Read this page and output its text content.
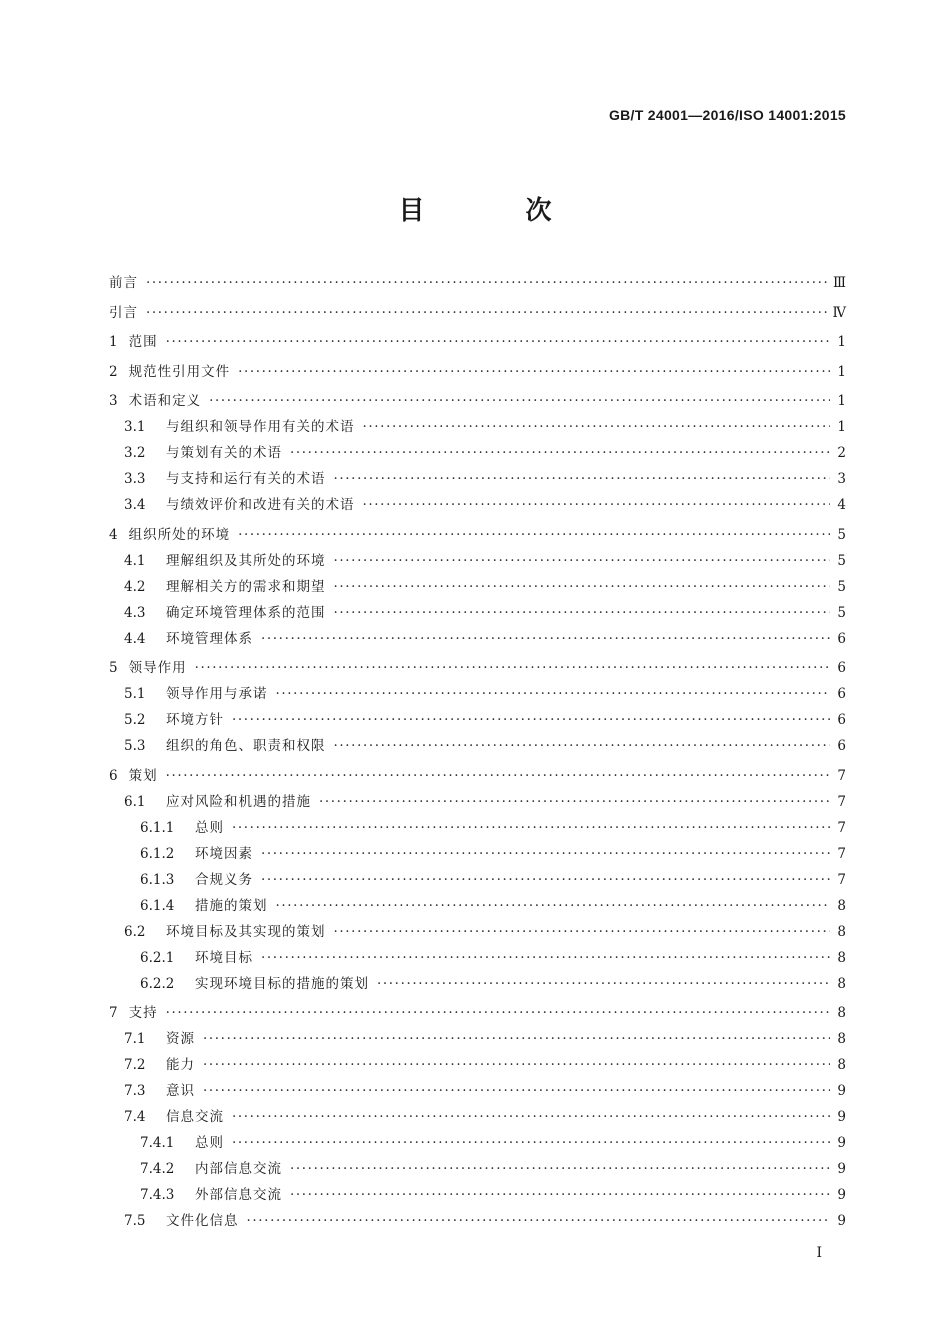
GB/T 24001—2016/ISO 14001:2015
目 次
前言 ·····	Ⅲ
引言 ·····	Ⅳ
1 范围 ·····	1
2 规范性引用文件 ·····	1
3 术语和定义 ·····	1
3.1	与组织和领导作用有关的术语 ·····	1
3.2	与策划有关的术语 ·····	2
3.3	与支持和运行有关的术语 ·····	3
3.4	与绩效评价和改进有关的术语 ·····	4
4 组织所处的环境 ·····	5
4.1	理解组织及其所处的环境 ·····	5
4.2	理解相关方的需求和期望 ·····	5
4.3	确定环境管理体系的范围 ·····	5
4.4	环境管理体系 ·····	6
5 领导作用 ·····	6
5.1	领导作用与承诺 ·····	6
5.2	环境方针 ·····	6
5.3	组织的角色、职责和权限 ·····	6
6 策划 ·····	7
6.1	应对风险和机遇的措施 ·····	7
6.1.1	总则 ·····	7
6.1.2	环境因素 ·····	7
6.1.3	合规义务 ·····	7
6.1.4	措施的策划 ·····	8
6.2	环境目标及其实现的策划 ·····	8
6.2.1	环境目标 ·····	8
6.2.2	实现环境目标的措施的策划 ·····	8
7 支持 ·····	8
7.1	资源 ·····	8
7.2	能力 ·····	8
7.3	意识 ·····	9
7.4	信息交流 ·····	9
7.4.1	总则 ·····	9
7.4.2	内部信息交流 ·····	9
7.4.3	外部信息交流 ·····	9
7.5	文件化信息 ·····	9
Ⅰ
